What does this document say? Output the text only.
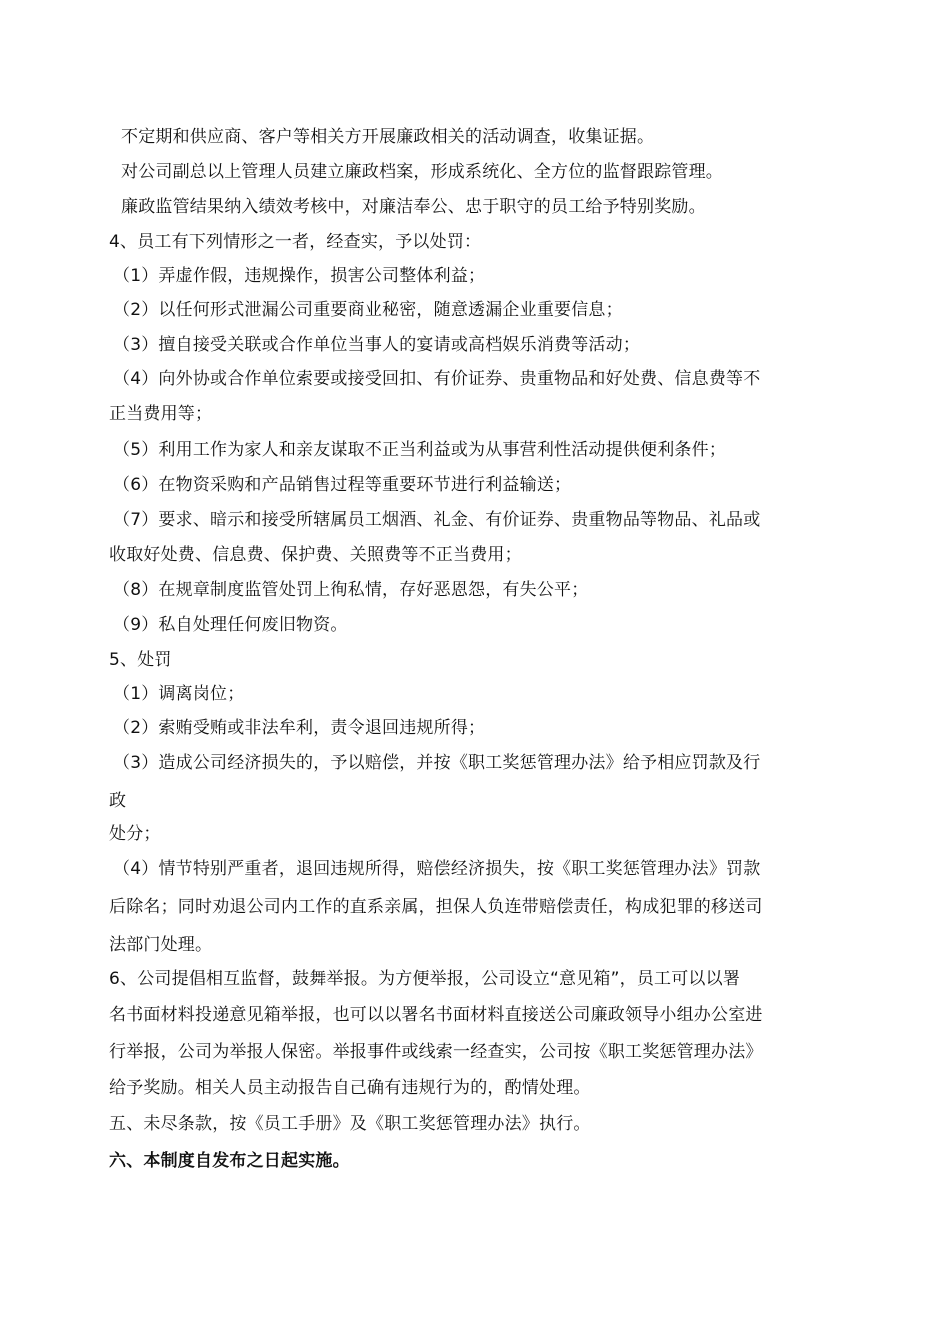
不定期和供应商、客户等相关方开展廉政相关的活动调查，收集证据。
对公司副总以上管理人员建立廉政档案，形成系统化、全方位的监督跟踪管理。
廉政监管结果纳入绩效考核中，对廉洁奉公、忠于职守的员工给予特别奖励。
4、员工有下列情形之一者，经查实，予以处罚：
（1）弄虚作假，违规操作，损害公司整体利益；
（2）以任何形式泄漏公司重要商业秘密，随意透漏企业重要信息；
（3）擅自接受关联或合作单位当事人的宴请或高档娱乐消费等活动；
（4）向外协或合作单位索要或接受回扣、有价证券、贵重物品和好处费、信息费等不
正当费用等；
（5）利用工作为家人和亲友谋取不正当利益或为从事营利性活动提供便利条件；
（6）在物资采购和产品销售过程等重要环节进行利益输送；
（7）要求、暗示和接受所辖属员工烟酒、礼金、有价证券、贵重物品等物品、礼品或
收取好处费、信息费、保护费、关照费等不正当费用；
（8）在规章制度监管处罚上徇私情，存好恶恩怨，有失公平；
（9）私自处理任何废旧物资。
5、处罚
（1）调离岗位；
（2）索贿受贿或非法牟利，责令退回违规所得；
（3）造成公司经济损失的，予以赔偿，并按《职工奖惩管理办法》给予相应罚款及行
政
处分；
（4）情节特别严重者，退回违规所得，赔偿经济损失，按《职工奖惩管理办法》罚款
后除名；同时劝退公司内工作的直系亲属，担保人负连带赔偿责任，构成犯罪的移送司
法部门处理。
6、公司提倡相互监督，鼓舞举报。为方便举报，公司设立“意见箱”，员工可以以署
名书面材料投递意见箱举报，也可以以署名书面材料直接送公司廉政领导小组办公室进
行举报，公司为举报人保密。举报事件或线索一经查实，公司按《职工奖惩管理办法》
给予奖励。相关人员主动报告自己确有违规行为的，酌情处理。
五、未尽条款，按《员工手册》及《职工奖惩管理办法》执行。
六、本制度自发布之日起实施。
